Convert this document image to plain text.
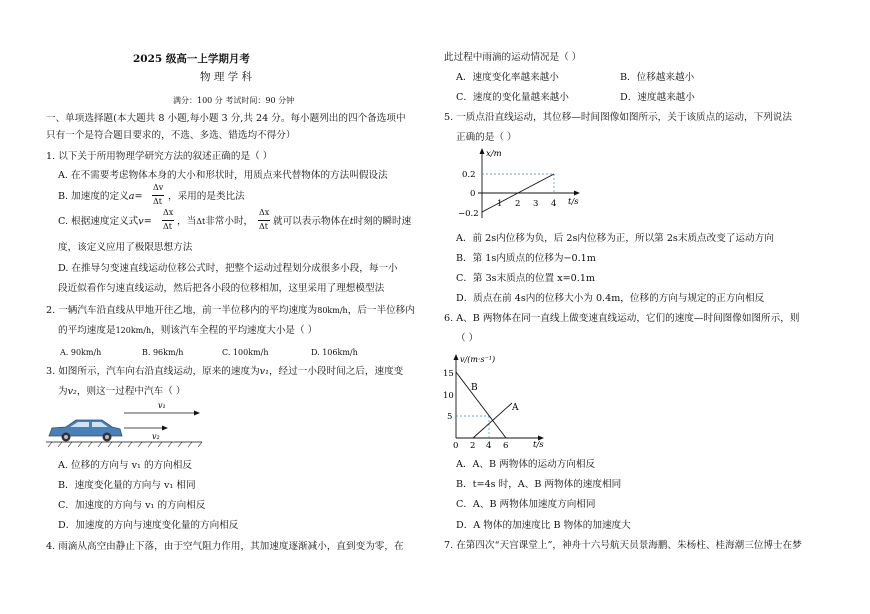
2025 级高一上学期月考
物 理 学 科
满分：100 分 考试时间：90 分钟
一、单项选择题(本大题共 8 小题,每小题 3 分,共 24 分。每小题列出的四个备选项中
只有一个是符合题目要求的，不选、多选、错选均不得分）
1. 以下关于所用物理学研究方法的叙述正确的是（ ）
A. 在不需要考虑物体本身的大小和形状时，用质点来代替物体的方法叫假设法
B. 加速度的定义a=
Δv
Δt ，采用的是类比法
C. 根据速度定义式v=
Δx
Δt ，当Δt非常小时，
Δx
Δt 就可以表示物体在t时刻的瞬时速
度，该定义应用了极限思想方法
D. 在推导匀变速直线运动位移公式时，把整个运动过程划分成很多小段，每一小
段近似看作匀速直线运动，然后把各小段的位移相加，这里采用了理想模型法
2. 一辆汽车沿直线从甲地开往乙地，前一半位移内的平均速度为80km/h，后一半位移内
的平均速度是120km/h，则该汽车全程的平均速度大小是（ ）
A. 90km/h	B. 96km/h	C. 100km/h	D. 106km/h
3. 如图所示，汽车向右沿直线运动，原来的速度为v₁，经过一小段时间之后，速度变
为v₂，则这一过程中汽车（ ）
v₁
v₂
A. 位移的方向与 v₁ 的方向相反
B．速度变化量的方向与 v₁ 相同
C．加速度的方向与 v₁ 的方向相反
D．加速度的方向与速度变化量的方向相反
4. 雨滴从高空由静止下落，由于空气阻力作用，其加速度逐渐减小，直到变为零，在
此过程中雨滴的运动情况是（ ）
A．速度变化率越来越小	B．位移越来越小
C．速度的变化量越来越小	D．速度越来越小
5. 一质点沿直线运动，其位移—时间图像如图所示，关于该质点的运动，下列说法
正确的是（ ）
x/m
t/s
0.2
0
−0.2
1 2 3 4
A．前 2s内位移为负，后 2s内位移为正，所以第 2s末质点改变了运动方向
B．第 1s内质点的位移为−0.1m
C．第 3s末质点的位置 x=0.1m
D．质点在前 4s内的位移大小为 0.4m，位移的方向与规定的正方向相反
6. A、B 两物体在同一直线上做变速直线运动，它们的速度—时间图像如图所示，则
（ ）
v/(m·s⁻¹)
t/s
B
A
15
10
5
0 2 4 6
A．A、B 两物体的运动方向相反
B．t=4s 时，A、B 两物体的速度相同
C．A、B 两物体加速度方向相同
D．A 物体的加速度比 B 物体的加速度大
7. 在第四次“天宫课堂上”，神舟十六号航天员景海鹏、朱杨柱、桂海潮三位博士在梦
